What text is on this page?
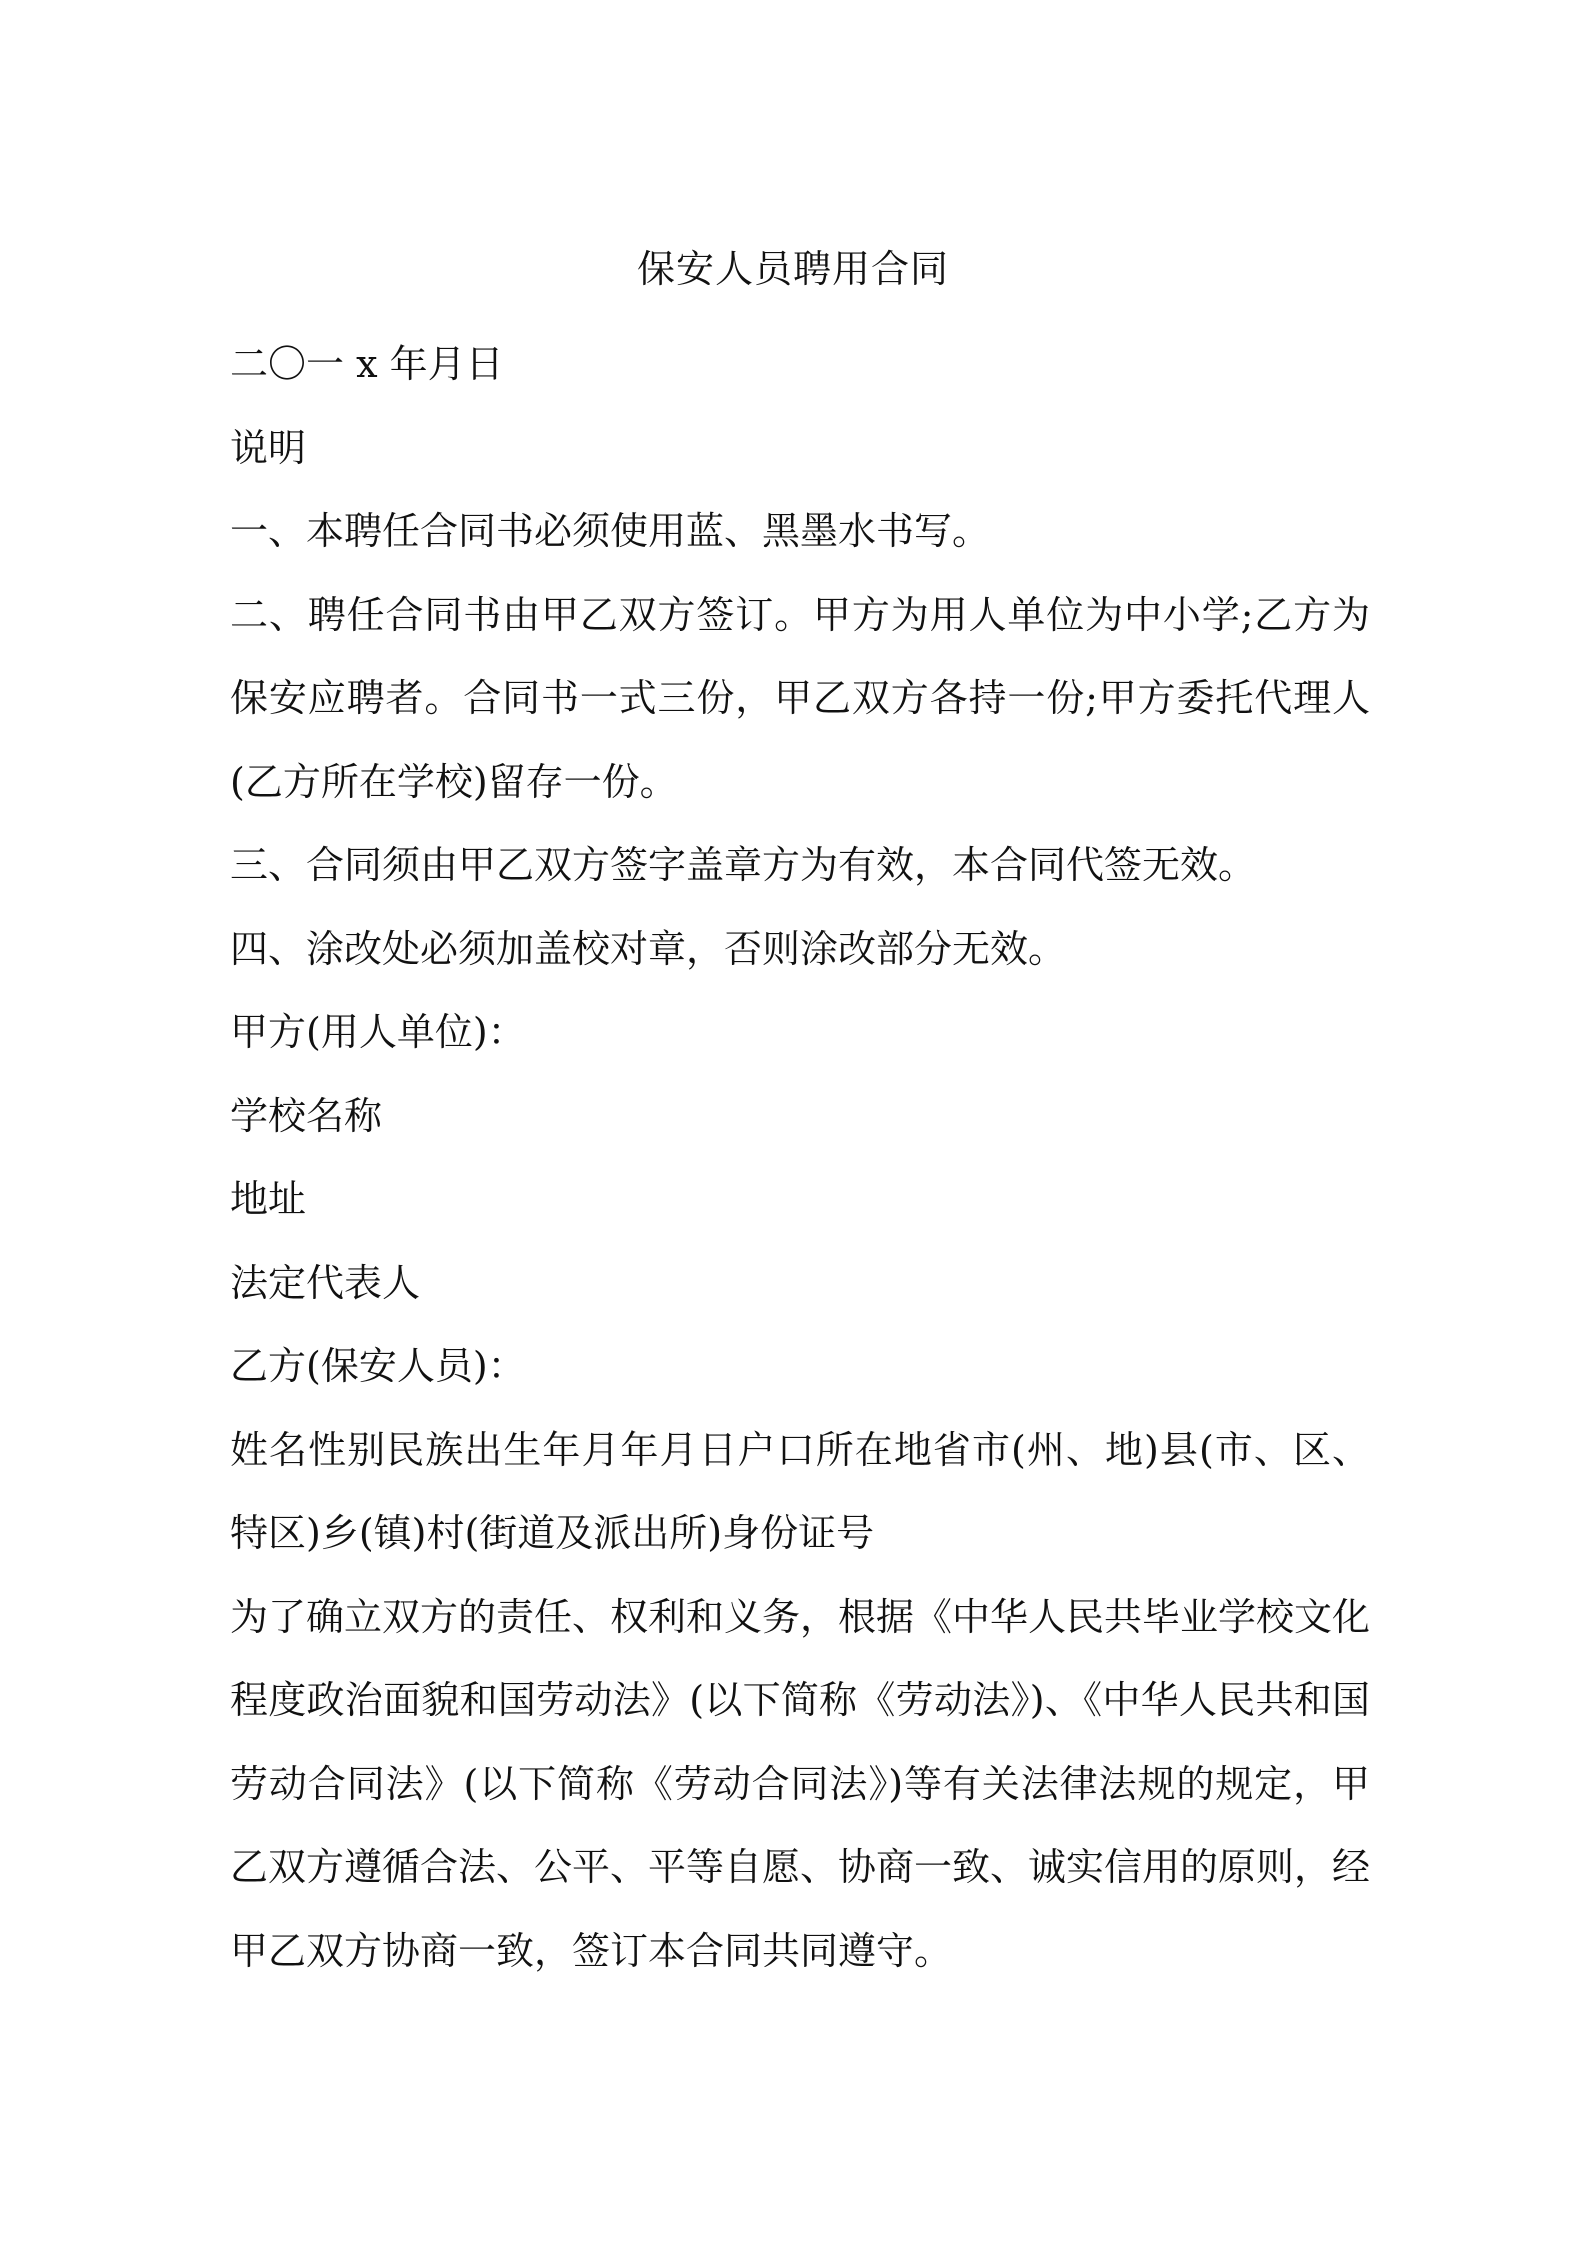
保安人员聘用合同

二〇一 x 年月日

说明

一、本聘任合同书必须使用蓝、黑墨水书写。

二、聘任合同书由甲乙双方签订。甲方为用人单位为中小学;乙方为保安应聘者。合同书一式三份，甲乙双方各持一份;甲方委托代理人(乙方所在学校)留存一份。

三、合同须由甲乙双方签字盖章方为有效，本合同代签无效。

四、涂改处必须加盖校对章，否则涂改部分无效。

甲方(用人单位)：

学校名称

地址

法定代表人

乙方(保安人员)：

姓名性别民族出生年月年月日户口所在地省市(州、地)县(市、区、特区)乡(镇)村(街道及派出所)身份证号

为了确立双方的责任、权利和义务，根据《中华人民共毕业学校文化程度政治面貌和国劳动法》(以下简称《劳动法》)、《中华人民共和国劳动合同法》(以下简称《劳动合同法》)等有关法律法规的规定，甲乙双方遵循合法、公平、平等自愿、协商一致、诚实信用的原则，经甲乙双方协商一致，签订本合同共同遵守。
